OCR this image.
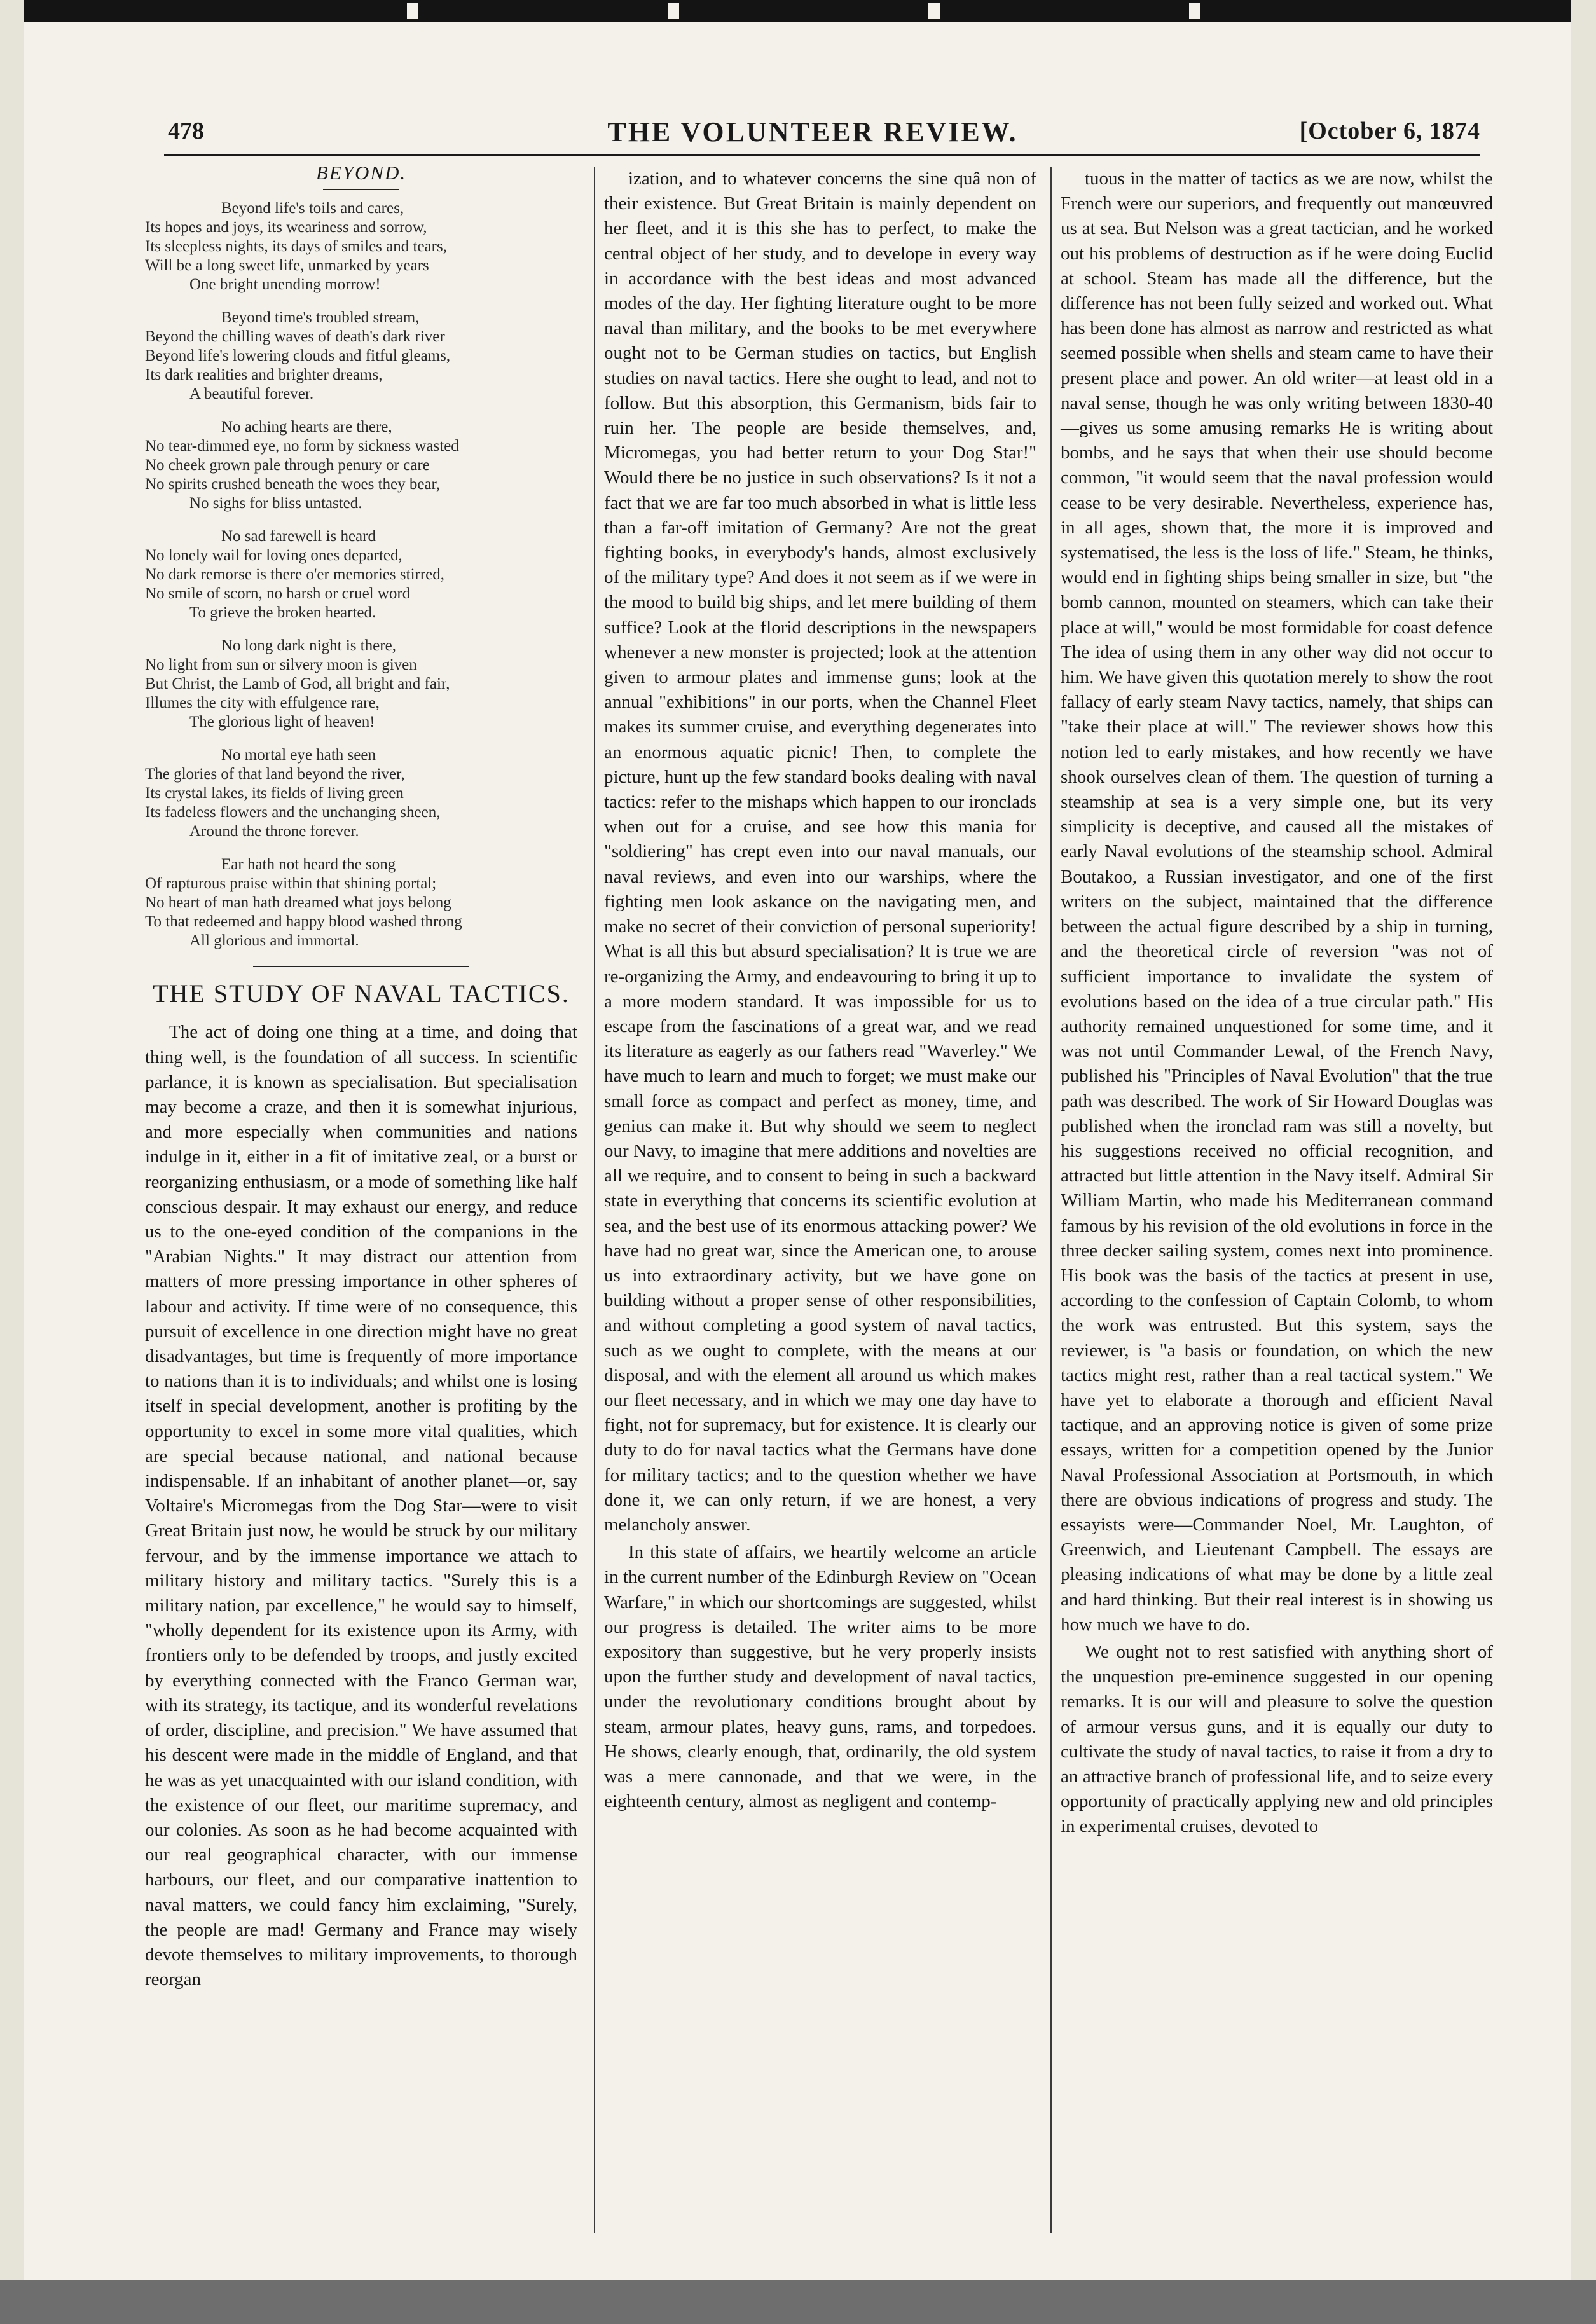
478	THE VOLUNTEER REVIEW.	[October 6, 1874
BEYOND.
Beyond life's toils and cares,
Its hopes and joys, its weariness and sorrow,
Its sleepless nights, its days of smiles and tears,
Will be a long sweet life, unmarked by years
One bright unending morrow!
Beyond time's troubled stream,
Beyond the chilling waves of death's dark river
Beyond life's lowering clouds and fitful gleams,
Its dark realities and brighter dreams,
A beautiful forever.
No aching hearts are there,
No tear-dimmed eye, no form by sickness wasted
No cheek grown pale through penury or care
No spirits crushed beneath the woes they bear,
No sighs for bliss untasted.
No sad farewell is heard
No lonely wail for loving ones departed,
No dark remorse is there o'er memories stirred,
No smile of scorn, no harsh or cruel word
To grieve the broken hearted.
No long dark night is there,
No light from sun or silvery moon is given
But Christ, the Lamb of God, all bright and fair,
Illumes the city with effulgence rare,
The glorious light of heaven!
No mortal eye hath seen
The glories of that land beyond the river,
Its crystal lakes, its fields of living green
Its fadeless flowers and the unchanging sheen,
Around the throne forever.
Ear hath not heard the song
Of rapturous praise within that shining portal;
No heart of man hath dreamed what joys belong
To that redeemed and happy blood washed throng
All glorious and immortal.
THE STUDY OF NAVAL TACTICS.

The act of doing one thing at a time, and doing that thing well, is the foundation of all success. In scientific parlance, it is known as specialisation. But specialisation may become a craze, and then it is somewhat injurious, and more especially when communities and nations indulge in it, either in a fit of imitative zeal, or a burst or reorganizing enthusiasm, or a mode of something like half conscious despair. It may exhaust our energy, and reduce us to the one-eyed condition of the companions in the "Arabian Nights." It may distract our attention from matters of more pressing importance in other spheres of labour and activity. If time were of no consequence, this pursuit of excellence in one direction might have no great disadvantages, but time is frequently of more importance to nations than it is to individuals; and whilst one is losing itself in special development, another is profiting by the opportunity to excel in some more vital qualities, which are special because national, and national because indispensable. If an inhabitant of another planet—or, say Voltaire's Micromegas from the Dog Star—were to visit Great Britain just now, he would be struck by our military fervour, and by the immense importance we attach to military history and military tactics. "Surely this is a military nation, par excellence," he would say to himself, "wholly dependent for its existence upon its Army, with frontiers only to be defended by troops, and justly excited by everything connected with the Franco German war, with its strategy, its tactique, and its wonderful revelations of order, discipline, and precision." We have assumed that his descent were made in the middle of England, and that he was as yet unacquainted with our island condition, with the existence of our fleet, our maritime supremacy, and our colonies. As soon as he had become acquainted with our real geographical character, with our immense harbours, our fleet, and our comparative inattention to naval matters, we could fancy him exclaiming, "Surely, the people are mad! Germany and France may wisely devote themselves to military improvements, to thorough reorgan

ization, and to whatever concerns the sine quâ non of their existence. But Great Britain is mainly dependent on her fleet, and it is this she has to perfect, to make the central object of her study, and to develope in every way in accordance with the best ideas and most advanced modes of the day. Her fighting literature ought to be more naval than military, and the books to be met everywhere ought not to be German studies on tactics, but English studies on naval tactics. Here she ought to lead, and not to follow. But this absorption, this Germanism, bids fair to ruin her. The people are beside themselves, and, Micromegas, you had better return to your Dog Star!" Would there be no justice in such observations? Is it not a fact that we are far too much absorbed in what is little less than a far-off imitation of Germany? Are not the great fighting books, in everybody's hands, almost exclusively of the military type? And does it not seem as if we were in the mood to build big ships, and let mere building of them suffice? Look at the florid descriptions in the newspapers whenever a new monster is projected; look at the attention given to armour plates and immense guns; look at the annual "exhibitions" in our ports, when the Channel Fleet makes its summer cruise, and everything degenerates into an enormous aquatic picnic! Then, to complete the picture, hunt up the few standard books dealing with naval tactics: refer to the mishaps which happen to our ironclads when out for a cruise, and see how this mania for "soldiering" has crept even into our naval manuals, our naval reviews, and even into our warships, where the fighting men look askance on the navigating men, and make no secret of their conviction of personal superiority! What is all this but absurd specialisation? It is true we are re-organizing the Army, and endeavouring to bring it up to a more modern standard. It was impossible for us to escape from the fascinations of a great war, and we read its literature as eagerly as our fathers read "Waverley." We have much to learn and much to forget; we must make our small force as compact and perfect as money, time, and genius can make it. But why should we seem to neglect our Navy, to imagine that mere additions and novelties are all we require, and to consent to being in such a backward state in everything that concerns its scientific evolution at sea, and the best use of its enormous attacking power? We have had no great war, since the American one, to arouse us into extraordinary activity, but we have gone on building without a proper sense of other responsibilities, and without completing a good system of naval tactics, such as we ought to complete, with the means at our disposal, and with the element all around us which makes our fleet necessary, and in which we may one day have to fight, not for supremacy, but for existence. It is clearly our duty to do for naval tactics what the Germans have done for military tactics; and to the question whether we have done it, we can only return, if we are honest, a very melancholy answer.

In this state of affairs, we heartily welcome an article in the current number of the Edinburgh Review on "Ocean Warfare," in which our shortcomings are suggested, whilst our progress is detailed. The writer aims to be more expository than suggestive, but he very properly insists upon the further study and development of naval tactics, under the revolutionary conditions brought about by steam, armour plates, heavy guns, rams, and torpedoes. He shows, clearly enough, that, ordinarily, the old system was a mere cannonade, and that we were, in the eighteenth century, almost as negligent and contemp-

tuous in the matter of tactics as we are now, whilst the French were our superiors, and frequently out manœuvred us at sea. But Nelson was a great tactician, and he worked out his problems of destruction as if he were doing Euclid at school. Steam has made all the difference, but the difference has not been fully seized and worked out. What has been done has almost as narrow and restricted as what seemed possible when shells and steam came to have their present place and power. An old writer—at least old in a naval sense, though he was only writing between 1830-40—gives us some amusing remarks He is writing about bombs, and he says that when their use should become common, "it would seem that the naval profession would cease to be very desirable. Nevertheless, experience has, in all ages, shown that, the more it is improved and systematised, the less is the loss of life." Steam, he thinks, would end in fighting ships being smaller in size, but "the bomb cannon, mounted on steamers, which can take their place at will," would be most formidable for coast defence The idea of using them in any other way did not occur to him. We have given this quotation merely to show the root fallacy of early steam Navy tactics, namely, that ships can "take their place at will." The reviewer shows how this notion led to early mistakes, and how recently we have shook ourselves clean of them. The question of turning a steamship at sea is a very simple one, but its very simplicity is deceptive, and caused all the mistakes of early Naval evolutions of the steamship school. Admiral Boutakoo, a Russian investigator, and one of the first writers on the subject, maintained that the difference between the actual figure described by a ship in turning, and the theoretical circle of reversion "was not of sufficient importance to invalidate the system of evolutions based on the idea of a true circular path." His authority remained unquestioned for some time, and it was not until Commander Lewal, of the French Navy, published his "Principles of Naval Evolution" that the true path was described. The work of Sir Howard Douglas was published when the ironclad ram was still a novelty, but his suggestions received no official recognition, and attracted but little attention in the Navy itself. Admiral Sir William Martin, who made his Mediterranean command famous by his revision of the old evolutions in force in the three decker sailing system, comes next into prominence. His book was the basis of the tactics at present in use, according to the confession of Captain Colomb, to whom the work was entrusted. But this system, says the reviewer, is "a basis or foundation, on which the new tactics might rest, rather than a real tactical system." We have yet to elaborate a thorough and efficient Naval tactique, and an approving notice is given of some prize essays, written for a competition opened by the Junior Naval Professional Association at Portsmouth, in which there are obvious indications of progress and study. The essayists were—Commander Noel, Mr. Laughton, of Greenwich, and Lieutenant Campbell. The essays are pleasing indications of what may be done by a little zeal and hard thinking. But their real interest is in showing us how much we have to do.

We ought not to rest satisfied with anything short of the unquestion pre-eminence suggested in our opening remarks. It is our will and pleasure to solve the question of armour versus guns, and it is equally our duty to cultivate the study of naval tactics, to raise it from a dry to an attractive branch of professional life, and to seize every opportunity of practically applying new and old principles in experimental cruises, devoted to
